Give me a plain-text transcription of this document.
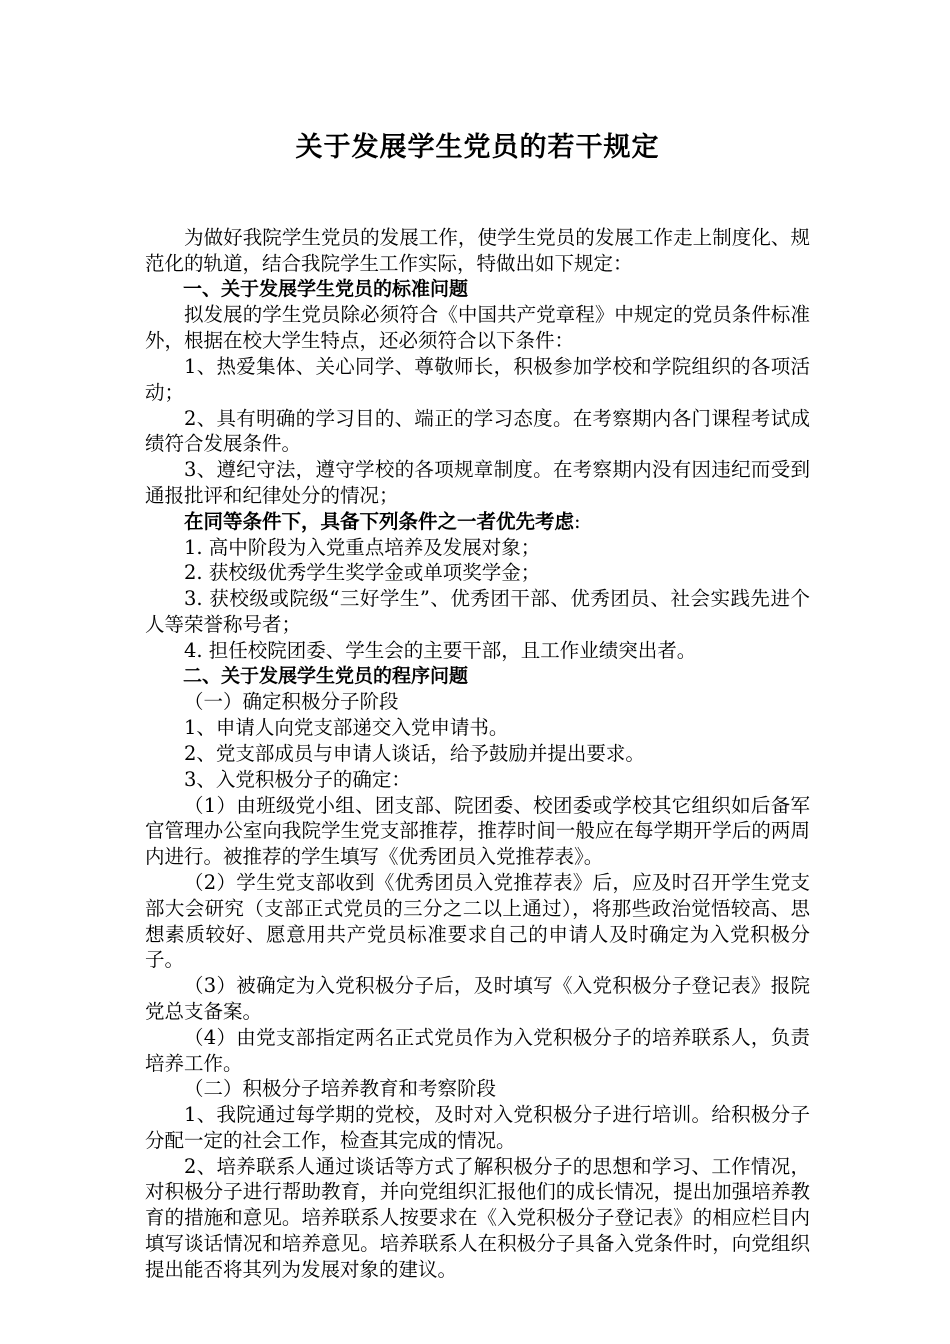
关于发展学生党员的若干规定

为做好我院学生党员的发展工作，使学生党员的发展工作走上制度化、规范化的轨道，结合我院学生工作实际，特做出如下规定：

一、关于发展学生党员的标准问题

拟发展的学生党员除必须符合《中国共产党章程》中规定的党员条件标准外，根据在校大学生特点，还必须符合以下条件：

1、热爱集体、关心同学、尊敬师长，积极参加学校和学院组织的各项活动；

2、具有明确的学习目的、端正的学习态度。在考察期内各门课程考试成绩符合发展条件。

3、遵纪守法，遵守学校的各项规章制度。在考察期内没有因违纪而受到通报批评和纪律处分的情况；

在同等条件下，具备下列条件之一者优先考虑:

1. 高中阶段为入党重点培养及发展对象；

2. 获校级优秀学生奖学金或单项奖学金；

3. 获校级或院级“三好学生”、优秀团干部、优秀团员、社会实践先进个人等荣誉称号者；

4. 担任校院团委、学生会的主要干部，且工作业绩突出者。

二、关于发展学生党员的程序问题

（一）确定积极分子阶段

1、申请人向党支部递交入党申请书。

2、党支部成员与申请人谈话，给予鼓励并提出要求。

3、入党积极分子的确定：

（1）由班级党小组、团支部、院团委、校团委或学校其它组织如后备军官管理办公室向我院学生党支部推荐，推荐时间一般应在每学期开学后的两周内进行。被推荐的学生填写《优秀团员入党推荐表》。

（2）学生党支部收到《优秀团员入党推荐表》后，应及时召开学生党支部大会研究（支部正式党员的三分之二以上通过），将那些政治觉悟较高、思想素质较好、愿意用共产党员标准要求自己的申请人及时确定为入党积极分子。

（3）被确定为入党积极分子后，及时填写《入党积极分子登记表》报院党总支备案。

（4）由党支部指定两名正式党员作为入党积极分子的培养联系人，负责培养工作。

（二）积极分子培养教育和考察阶段

1、我院通过每学期的党校，及时对入党积极分子进行培训。给积极分子分配一定的社会工作，检查其完成的情况。

2、培养联系人通过谈话等方式了解积极分子的思想和学习、工作情况，对积极分子进行帮助教育，并向党组织汇报他们的成长情况，提出加强培养教育的措施和意见。培养联系人按要求在《入党积极分子登记表》的相应栏目内填写谈话情况和培养意见。培养联系人在积极分子具备入党条件时，向党组织提出能否将其列为发展对象的建议。
